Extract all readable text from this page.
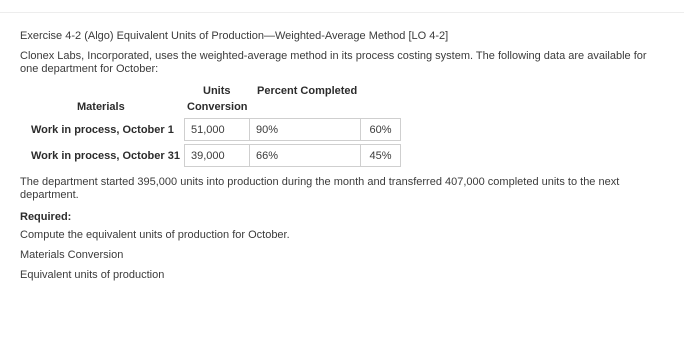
Exercise 4-2 (Algo) Equivalent Units of Production—Weighted-Average Method [LO 4-2]
Clonex Labs, Incorporated, uses the weighted-average method in its process costing system. The following data are available for one department for October:
Units Percent Completed
Materials	Conversion
Work in process, October 1	51,000	90%	60%
Work in process, October 31	39,000	66%	45%
The department started 395,000 units into production during the month and transferred 407,000 completed units to the next department.
Required:
Compute the equivalent units of production for October.
Materials Conversion
Equivalent units of production
